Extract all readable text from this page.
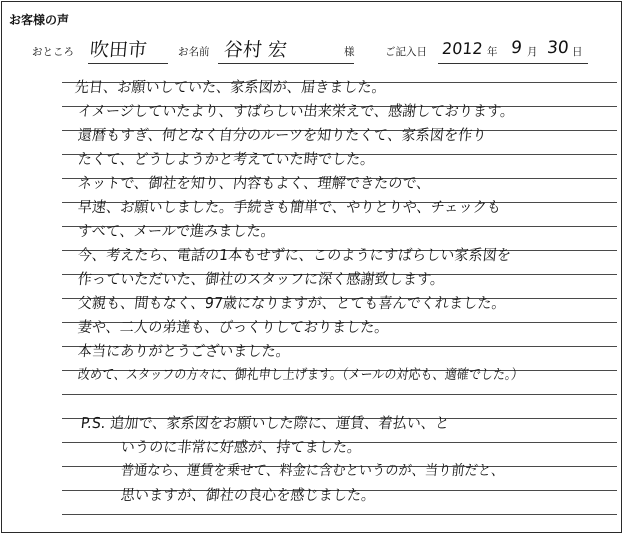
お客様の声
おところ 吹田市	お名前 谷村 宏	様	ご記入日 2012 年 9 月 30 日
先日、お願いしていた、家系図が、届きました。
イメージしていたより、すばらしい出来栄えで、感謝しております。
還暦もすぎ、何となく自分のルーツを知りたくて、家系図を作り
たくて、どうしようかと考えていた時でした。
ネットで、御社を知り、内容もよく、理解できたので、
早速、お願いしました。手続きも簡単で、やりとりや、チェックも
すべて、メールで進みました。
今、考えたら、電話の1本もせずに、このようにすばらしい家系図を
作っていただいた、御社のスタッフに深く感謝致します。
父親も、間もなく、97歳になりますが、とても喜んでくれました。
妻や、二人の弟達も、びっくりしておりました。
本当にありがとうございました。
改めて、スタッフの方々に、御礼申し上げます。（メールの対応も、適確でした。）
P.S. 追加で、家系図をお願いした際に、運賃、着払い、と
いうのに非常に好感が、持てました。
普通なら、運賃を乗せて、料金に含むというのが、当り前だと、
思いますが、御社の良心を感じました。
